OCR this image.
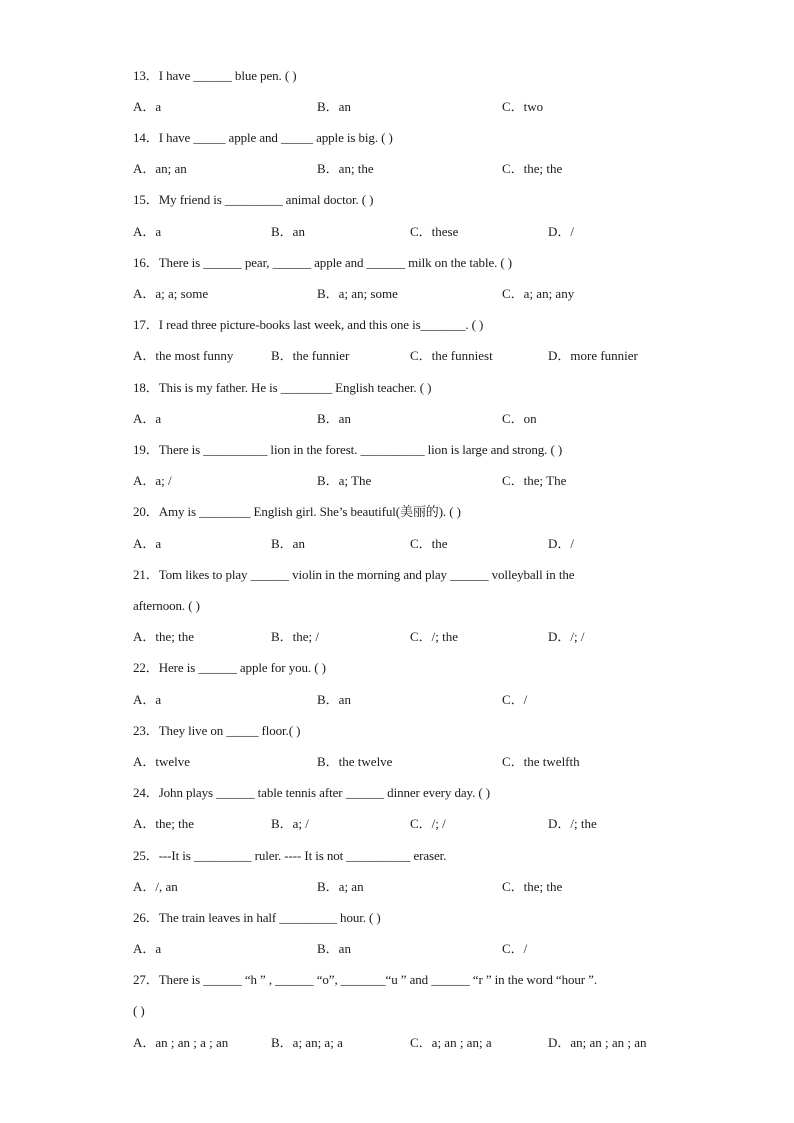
13．I have ______ blue pen. ( )
A．a	B．an	C．two
14．I have _____ apple and _____ apple is big. ( )
A．an; an	B．an; the	C．the; the
15．My friend is _________ animal doctor. ( )
A．a	B．an	C．these	D．/
16．There is ______ pear, ______ apple and ______ milk on the table. ( )
A．a; a; some	B．a; an; some	C．a; an; any
17．I read three picture-books last week, and this one is_______. ( )
A．the most funny	B．the funnier	C．the funniest	D．more funnier
18．This is my father. He is ________ English teacher. ( )
A．a	B．an	C．on
19．There is __________ lion in the forest. __________ lion is large and strong. ( )
A．a; /	B．a; The	C．the; The
20．Amy is ________ English girl. She’s beautiful(美丽的). ( )
A．a	B．an	C．the	D．/
21．Tom likes to play ______ violin in the morning and play ______ volleyball in the
afternoon. ( )
A．the; the	B．the; /	C．/; the	D．/; /
22．Here is ______ apple for you. ( )
A．a	B．an	C．/
23．They live on _____ floor.( )
A．twelve	B．the twelve	C．the twelfth
24．John plays ______ table tennis after ______ dinner every day. ( )
A．the; the	B．a; /	C．/; /	D．/; the
25．---It is _________ ruler. ---- It is not __________ eraser.
A．/, an	B．a; an	C．the; the
26．The train leaves in half _________ hour. ( )
A．a	B．an	C．/
27．There is ______ “h ” , ______ “o”, _______“u ” and ______ “r ” in the word “hour ”.
( )
A．an ; an ; a ; an	B．a; an; a; a	C．a; an ; an; a	D．an; an ; an ; an
